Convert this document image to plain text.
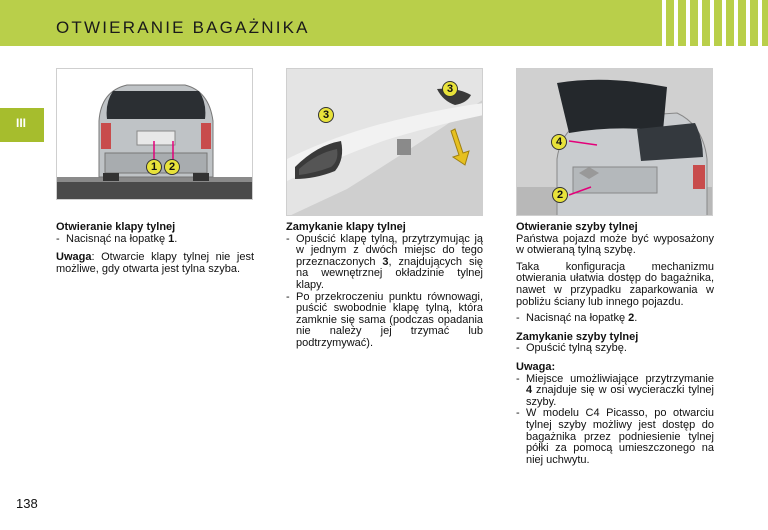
OTWIERANIE BAGAŻNIKA
III
1	2
3
3
4
2
Otwieranie klapy tylnej
- Nacisnąć na łopatkę 1.
Uwaga: Otwarcie klapy tylnej nie jest możliwe, gdy otwarta jest tylna szyba.
Zamykanie klapy tylnej
- Opuścić klapę tylną, przytrzymując ją w jednym z dwóch miejsc do tego przeznaczonych 3, znajdujących się na wewnętrznej okładzinie tylnej klapy.
- Po przekroczeniu punktu równowagi, puścić swobodnie klapę tylną, która zamknie się sama (podczas opadania nie należy jej trzymać lub podtrzymywać).
Otwieranie szyby tylnej
Państwa pojazd może być wyposażony w otwieraną tylną szybę.
Taka konfiguracja mechanizmu otwierania ułatwia dostęp do bagażnika, nawet w przypadku zaparkowania w pobliżu ściany lub innego pojazdu.
- Nacisnąć na łopatkę 2.
Zamykanie szyby tylnej
- Opuścić tylną szybę.
Uwaga:
- Miejsce umożliwiające przytrzymanie 4 znajduje się w osi wycieraczki tylnej szyby.
- W modelu C4 Picasso, po otwarciu tylnej szyby możliwy jest dostęp do bagażnika przez podniesienie tylnej półki za pomocą umieszczonego na niej uchwytu.
138
